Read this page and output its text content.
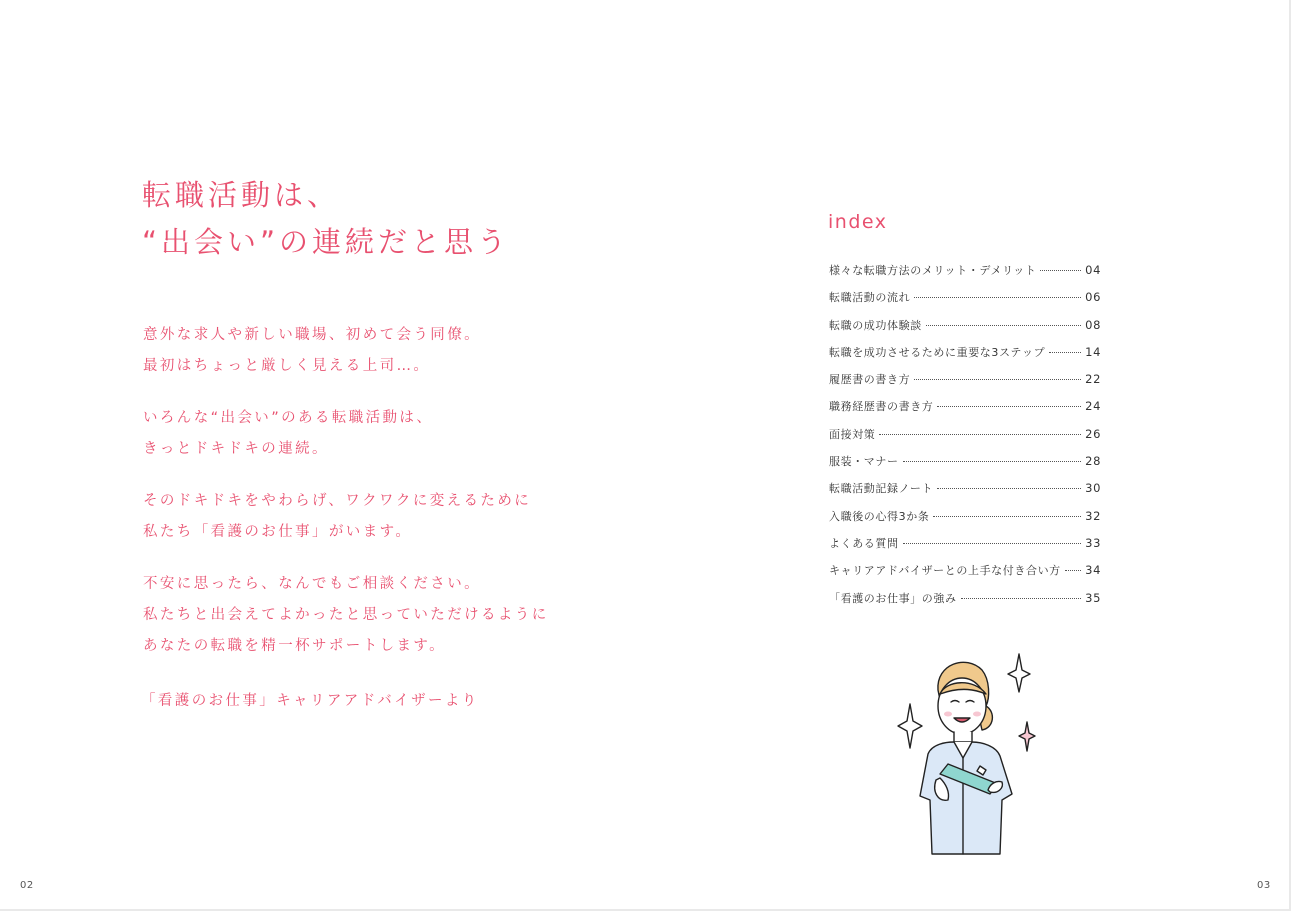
転職活動は、
“出会い”の連続だと思う

意外な求人や新しい職場、初めて会う同僚。
最初はちょっと厳しく見える上司…。

いろんな“出会い”のある転職活動は、
きっとドキドキの連続。

そのドキドキをやわらげ、ワクワクに変えるために
私たち「看護のお仕事」がいます。

不安に思ったら、なんでもご相談ください。
私たちと出会えてよかったと思っていただけるように
あなたの転職を精一杯サポートします。

「看護のお仕事」キャリアアドバイザーより
index
様々な転職方法のメリット・デメリット	04
転職活動の流れ	06
転職の成功体験談	08
転職を成功させるために重要な3ステップ	14
履歴書の書き方	22
職務経歴書の書き方	24
面接対策	26
服装・マナー	28
転職活動記録ノート	30
入職後の心得3か条	32
よくある質問	33
キャリアアドバイザーとの上手な付き合い方 34
「看護のお仕事」の強み	35
02	03
